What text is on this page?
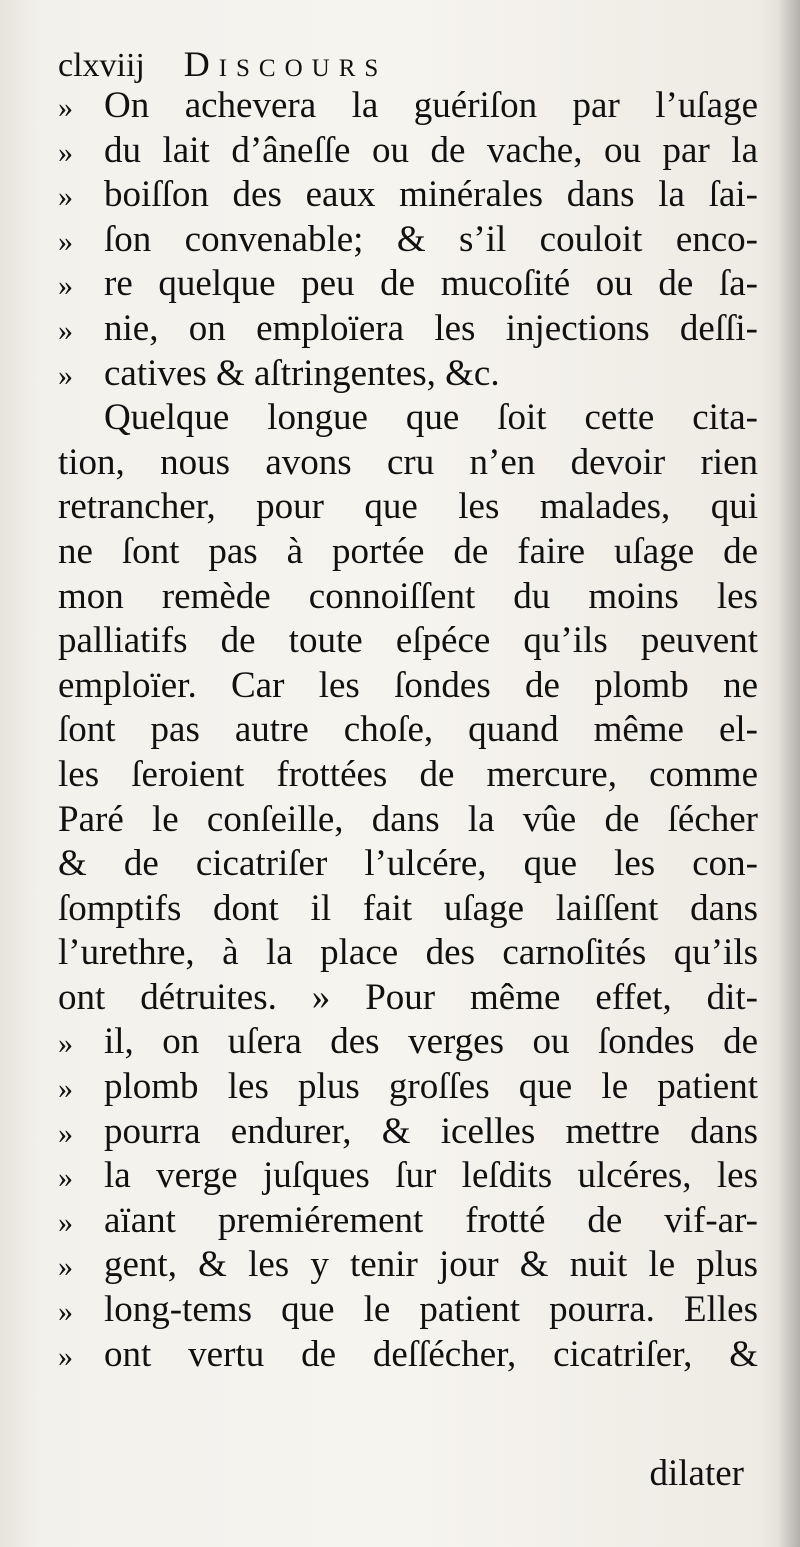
clxviij Discours
» On achevera la guériſon par l’uſage
» du lait d’âneſſe ou de vache, ou par la
» boiſſon des eaux minérales dans la ſai-
» ſon convenable; & s’il couloit enco-
» re quelque peu de mucoſité ou de ſa-
» nie, on emploïera les injections deſſi-
» catives & aſtringentes, &c.
Quelque longue que ſoit cette cita-
tion, nous avons cru n’en devoir rien
retrancher, pour que les malades, qui
ne ſont pas à portée de faire uſage de
mon remède connoiſſent du moins les
palliatifs de toute eſpéce qu’ils peuvent
emploïer. Car les ſondes de plomb ne
ſont pas autre choſe, quand même el-
les ſeroient frottées de mercure, comme
Paré le conſeille, dans la vûe de ſécher
& de cicatriſer l’ulcére, que les con-
ſomptifs dont il fait uſage laiſſent dans
l’urethre, à la place des carnoſités qu’ils
ont détruites. » Pour même effet, dit-
» il, on uſera des verges ou ſondes de
» plomb les plus groſſes que le patient
» pourra endurer, & icelles mettre dans
» la verge juſques ſur leſdits ulcéres, les
» aïant premiérement frotté de vif-ar-
» gent, & les y tenir jour & nuit le plus
» long-tems que le patient pourra. Elles
» ont vertu de deſſécher, cicatriſer, &
dilater
